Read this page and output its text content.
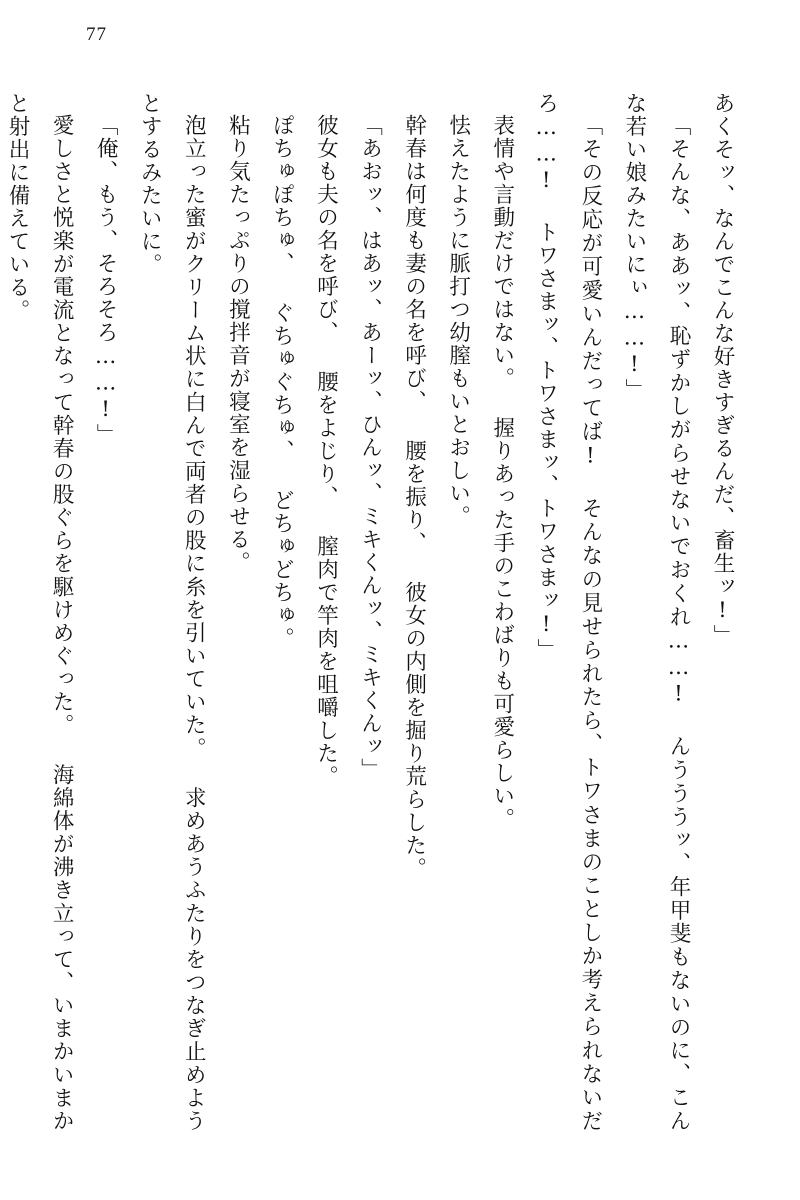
77

あくそッ、なんでこんな好きすぎるんだ、畜生ッ!」

「そんな、ああッ、恥ずかしがらせないでおくれ……! んうううッ、年甲斐もないのに、こんな若い娘みたいにぃ……!」

「その反応が可愛いんだってば! そんなの見せられたら、トワさまのことしか考えられないだろ……! トワさまッ、トワさまッ、トワさまッ!」

表情や言動だけではない。 握りあった手のこわばりも可愛らしい。

怯えたように脈打つ幼膣もいとおしい。

幹春は何度も妻の名を呼び、 腰を振り、 彼女の内側を掘り荒らした。

「あおッ、はあッ、あーッ、ひんッ、ミキくんッ、ミキくんッ」

彼女も夫の名を呼び、 腰をよじり、 膣肉で竿肉を咀嚼した。

ぽちゅぽちゅ、 ぐちゅぐちゅ、 どちゅどちゅ。

粘り気たっぷりの撹拌音が寝室を湿らせる。

泡立った蜜がクリーム状に白んで両者の股に糸を引いていた。 求めあうふたりをつなぎ止めようとするみたいに。

「俺、もう、そろそろ……!」

愛しさと悦楽が電流となって幹春の股ぐらを駆けめぐった。 海綿体が沸き立って、いまかいまかと射出に備えている。
